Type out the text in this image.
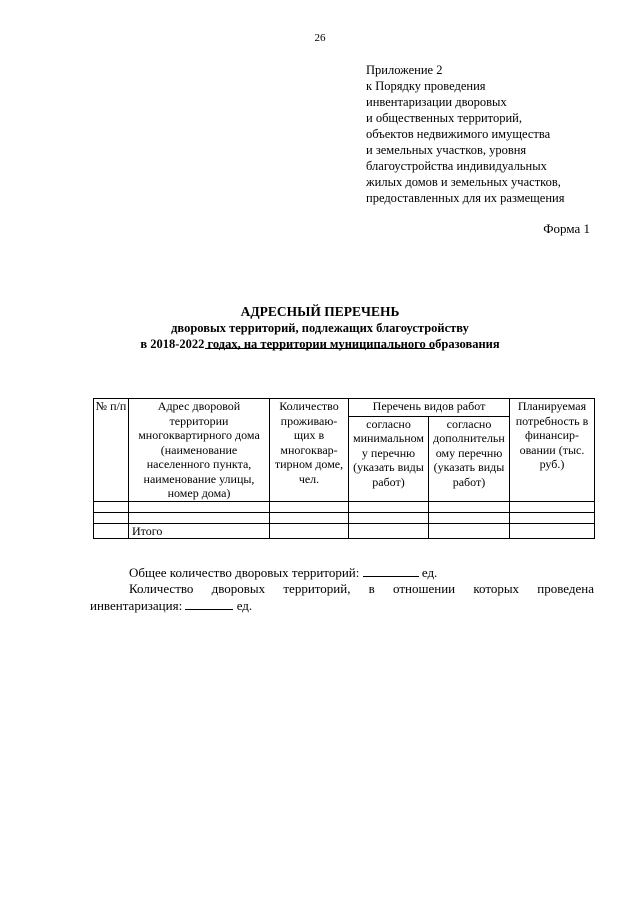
26
Приложение 2
к Порядку проведения
инвентаризации дворовых
и общественных территорий,
объектов недвижимого имущества
и земельных участков, уровня
благоустройства индивидуальных
жилых домов и земельных участков,
предоставленных для их размещения
Форма 1
АДРЕСНЫЙ ПЕРЕЧЕНЬ
дворовых территорий, подлежащих благоустройству
в 2018-2022 годах, на территории муниципального образования
№ п/п	Адрес дворовой территории многоквартирного дома (наименование населенного пункта, наименование улицы, номер дома)	Количество проживаю-щих в многоквар-тирном доме, чел.	Перечень видов работ		Планируемая потребность в финансир-овании (тыс. руб.)
			согласно минимальном у перечню (указать виды работ)	согласно дополнительн ому перечню (указать виды работ)	

	Итого				
Общее количество дворовых территорий:	ед.
Количество дворовых территорий, в отношении которых проведена
инвентаризация:	ед.
